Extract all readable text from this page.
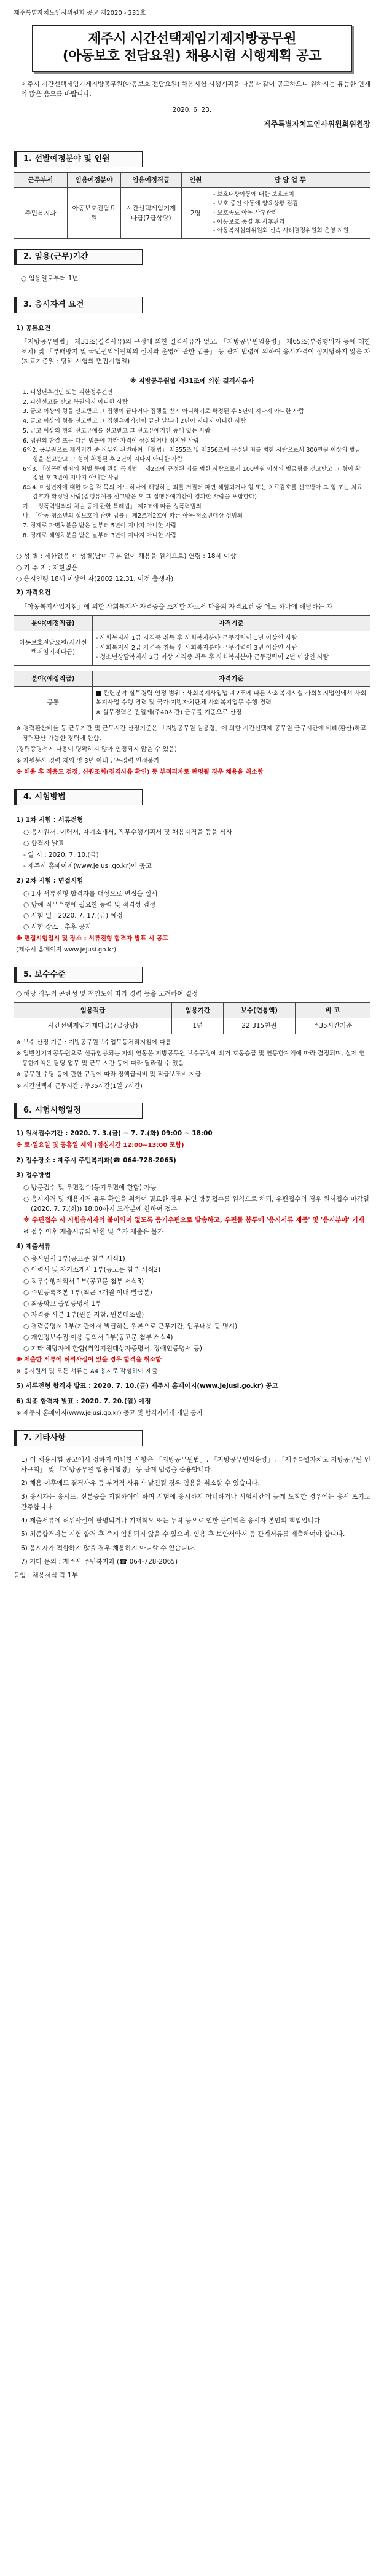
제주특별자치도인사위원회 공고 제2020 - 231호
제주시 시간선택제임기제지방공무원
(아동보호 전담요원) 채용시험 시행계획 공고

제주시 시간선택제임기제지방공무원(아동보호 전담요원) 채용시험 시행계획을 다음과 같이 공고하오니 원하시는 유능한 인재의 많은 응모를 바랍니다.

2020. 6. 23.
제주특별자치도인사위원회위원장
1. 선발예정분야 및 인원
근무부서	임용예정분야	임용예정직급	인원	담 당 업 무
주민복지과	아동보호전담요원	시간선택제임기제다급(7급상당)	2명	- 보호대상아동에 대한 보호조치
- 보호 중인 아동에 양육상황 점검
- 보호종료 아동 사후관리
- 아동보호 종결 후 사후관리
- 아동복지심의위원회 신속 사례결정위원회 운영 지원
2. 임용(근무)기간
○ 임용일로부터 1년
3. 응시자격 요건
1) 공통요건

「지방공무원법」 제31조(결격사유)의 규정에 의한 결격사유가 없고, 「지방공무원임용령」 제65조(부정행위자 등에 대한 조치) 및 「부패방지 및 국민권익위원회의 설치와 운영에 관한 법률」 등 관계 법령에 의하여 응시자격이 정지당하지 않은 자(자료기준일 : 당해 시험의 면접시험일)

※ 지방공무원법 제31조에 의한 결격사유자
1. 피성년후견인 또는 피한정후견인
2. 파산선고를 받고 복권되지 아니한 사람
3. 금고 이상의 형을 선고받고 그 집행이 끝나거나 집행을 받지 아니하기로 확정된 후 5년이 지나지 아니한 사람
4. 금고 이상의 형을 선고받고 그 집행유예기간이 끝난 날부터 2년이 지나지 아니한 사람
5. 금고 이상의 형의 선고유예를 선고받고 그 선고유예기간 중에 있는 사람
6. 법원의 판결 또는 다른 법률에 따라 자격이 상실되거나 정지된 사람
6의2. 공무원으로 재직기간 중 직무와 관련하여 「형법」 제355조 및 제356조에 규정된 죄를 범한 사람으로서 300만원 이상의 벌금형을 선고받고 그 형이 확정된 후 2년이 지나지 아니한 사람
6의3. 「성폭력범죄의 처벌 등에 관한 특례법」 제2조에 규정된 죄를 범한 사람으로서 100만원 이상의 벌금형을 선고받고 그 형이 확정된 후 3년이 지나지 아니한 사람
6의4. 미성년자에 대한 다음 각 목의 어느 하나에 해당하는 죄를 저질러 파면·해임되거나 형 또는 치료감호를 선고받아 그 형 또는 치료감호가 확정된 사람(집행유예를 선고받은 후 그 집행유예기간이 경과한 사람을 포함한다)
가. 「성폭력범죄의 처벌 등에 관한 특례법」 제2조에 따른 성폭력범죄
나. 「아동·청소년의 성보호에 관한 법률」 제2조제2호에 따른 아동·청소년대상 성범죄
7. 징계로 파면처분을 받은 날부터 5년이 지나지 아니한 사람
8. 징계로 해임처분을 받은 날부터 3년이 지나지 아니한 사람
○ 성 별 : 제한없음 ㅇ 성별(남녀 구분 없이 채용을 원칙으로) 연령 : 18세 이상
○ 거 주 지 : 제한없음
○ 응시연령 18세 이상인 자(2002.12.31. 이전 출생자)
2) 자격요건

「아동복지사업지침」에 의한 사회복지사 자격증을 소지한 자로서 다음의 자격요건 중 어느 하나에 해당하는 자

분야(예정직급)	자격기준
아동보호전담요원(시간선택제임기제다급)	- 사회복지사 1급 자격증 취득 후 사회복지분야 근무경력이 1년 이상인 사람
- 사회복지사 2급 자격증 취득 후 사회복지분야 근무경력이 3년 이상인 사람
- 청소년상담복지사 2급 이상 자격증 취득 후 사회복지분야 근무경력이 2년 이상인 사람
분야(예정직급)	자격기준
공통	■ 관련분야 실무경력 인정 범위 : 사회복지사업법 제2조에 따른 사회복지시설·사회복지법인에서 사회복지사업 수행 경력 및 국가·지방자치단체 사회복지업무 수행 경력
※ 실무경력은 전일제(주40시간) 근무를 기준으로 산정
※ 경력환산비율 등 근무기간 및 근무시간 산정기준은 「지방공무원 임용령」에 의한 시간선택제 공무원 근무시간에 비례(환산)하고 경력환산 가능한 경력에 한함.
(경력증명서에 나용이 명확하지 않아 인정되지 않을 수 있음)
※ 자원봉사 경력 제외 및 3년 이내 근무경력 인정불가
※ 채용 후 적응도 검정, 신원조회(결격사유 확인) 등 부적격자로 판명될 경우 채용을 취소함
4. 시험방법
1) 1차 시험 : 서류전형
○ 응시원서, 이력서, 자기소개서, 직무수행계획서 및 채용자격을 등을 심사
○ 합격자 발표
- 일 시 : 2020. 7. 10.(금)
- 제주시 홈페이지(www.jejusi.go.kr)에 공고
2) 2차 시험 : 면접시험
○ 1차 서류전형 합격자를 대상으로 면접을 실시
○ 당해 직무수행에 필요한 능력 및 적격성 검정
○ 시험 일 : 2020. 7. 17.(금) 예정
○ 시험 장소 : 추후 공지
※ 면접시험일시 및 장소 : 서류전형 합격자 발표 시 공고
(제주시 홈페이지 www.jejusi.go.kr)
5. 보수수준
○ 해당 직무의 곤란성 및 책임도에 따라 경력 등을 고려하여 결정
임용직급	임용기간	보수(연봉액)	비 고
시간선택제임기제다급(7급상당)	1년	22,315천원	주35시간기준
※ 보수 산정 기준 : 지방공무원보수업무등처리지침에 따름
※ 일반임기제공무원으로 신규임용되는 자의 연봉은 지방공무원 보수규정에 의거 호봉승급 및 연봉한계액에 따라 결정되며, 실제 연봉한계액은 담당 업무 및 근무 시간 등에 따라 달라질 수 있음
※ 공무원 수당 등에 관한 규정에 따라 정액급식비 및 직급보조비 지급
※ 시간선택제 근무시간 : 주35시간(1일 7시간)
6. 시험시행일정
1) 원서접수기간 : 2020. 7. 3.(금) ~ 7. 7.(화) 09:00 ~ 18:00
※ 토·일요일 및 공휴일 제외 (점심시간 12:00~13:00 포함)
2) 접수장소 : 제주시 주민복지과(☎ 064-728-2065)
3) 접수방법
○ 방문접수 및 우편접수(등기우편에 한함) 가능
○ 응시자격 및 채용자격 유무 확인을 위하여 필요한 경우 본인 방문접수를 원칙으로 하되, 우편접수의 경우 원서접수 마감일(2020. 7. 7.(화)) 18:00까지 도착분에 한하여 접수
※ 우편접수 시 시험응시자의 불이익이 없도록 등기우편으로 발송하고, 우편물 봉투에 '응시서류 재중' 및 '응시분야' 기재
※ 접수 이후 제출서류의 반환 및 추가 제출은 불가
4) 제출서류
○ 응시원서 1부(공고문 첨부 서식1)
○ 이력서 및 자기소개서 1부(공고문 첨부 서식2)
○ 직무수행계획서 1부(공고문 첨부 서식3)
○ 주민등록초본 1부(최근 3개월 이내 발급분)
○ 최종학교 졸업증명서 1부
○ 자격증 사본 1부(원본 지참, 원본대조필)
○ 경력증명서 1부(기관에서 발급하는 원본으로 근무기간, 업무내용 등 명시)
○ 개인정보수집·이용 동의서 1부(공고문 첨부 서식4)
○ 기타 해당자에 한함(취업지원대상자증명서, 장애인증명서 등)
※ 제출한 서류에 허위사실이 있을 경우 합격을 취소함
※ 응시원서 및 모든 서류는 A4 용지로 작성하여 제출
5) 서류전형 합격자 발표 : 2020. 7. 10.(금) 제주시 홈페이지(www.jejusi.go.kr) 공고
6) 최종 합격자 발표 : 2020. 7. 20.(월) 예정
※ 제주시 홈페이지(www.jejusi.go.kr) 공고 및 합격자에게 개별 통지
7. 기타사항

1) 이 채용시험 공고에서 정하지 아니한 사항은 「지방공무원법」, 「지방공무원임용령」, 「제주특별자치도 지방공무원 인사규칙」 및 「지방공무원 임용시험령」 등 관계 법령을 준용합니다.

2) 채용 이후에도 결격사유 등 부적격 사유가 발견될 경우 임용을 취소할 수 있습니다.

3) 응시자는 응시표, 신분증을 지참하여야 하며 시험에 응시하지 아니하거나 시험시간에 늦게 도착한 경우에는 응시 포기로 간주합니다.

4) 제출서류에 허위사실이 판명되거나 기재착오 또는 누락 등으로 인한 불이익은 응시자 본인의 책임입니다.

5) 최종합격자는 시험 합격 후 즉시 임용되지 않을 수 있으며, 임용 후 보안서약서 등 관계서류를 제출하여야 합니다.

6) 응시자가 적합하지 않을 경우 채용하지 아니할 수 있습니다.

7) 기타 문의 : 제주시 주민복지과 (☎ 064-728-2065)

붙임 : 채용서식 각 1부
